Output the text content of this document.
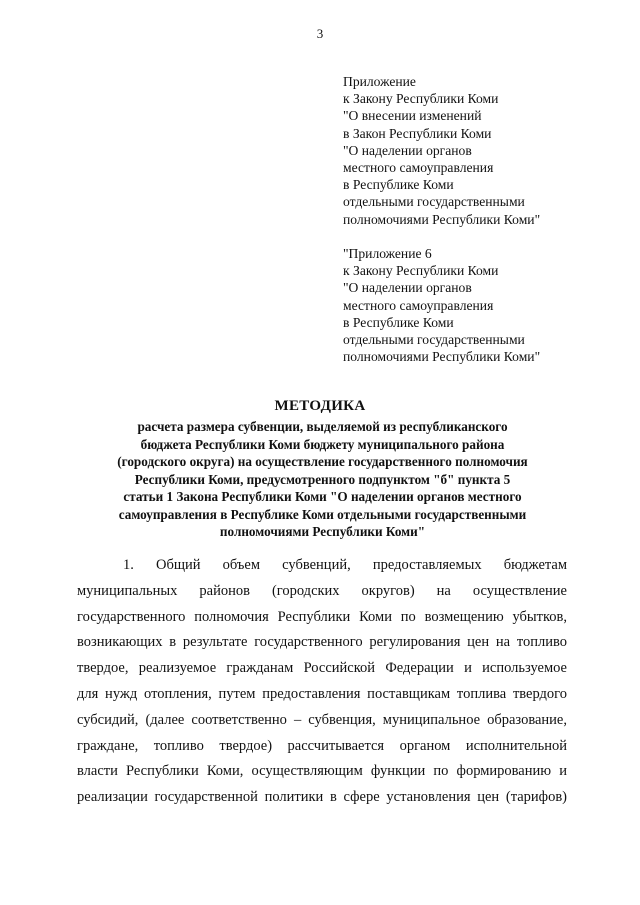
3
Приложение
к Закону Республики Коми
"О внесении изменений
в Закон Республики Коми
"О наделении органов
местного самоуправления
в Республике Коми
отдельными государственными
полномочиями Республики Коми"
"Приложение 6
к Закону Республики Коми
"О наделении органов
местного самоуправления
в Республике Коми
отдельными государственными
полномочиями Республики Коми"
МЕТОДИКА
расчета размера субвенции, выделяемой из республиканского
бюджета Республики Коми бюджету муниципального района
(городского округа) на осуществление государственного полномочия
Республики Коми, предусмотренного подпунктом "б" пункта 5
статьи 1 Закона Республики Коми "О наделении органов местного
самоуправления в Республике Коми отдельными государственными
полномочиями Республики Коми"
1. Общий объем субвенций, предоставляемых бюджетам
муниципальных районов (городских округов) на осуществление
государственного полномочия Республики Коми по возмещению убытков,
возникающих в результате государственного регулирования цен на топливо
твердое, реализуемое гражданам Российской Федерации и используемое
для нужд отопления, путем предоставления поставщикам топлива твердого
субсидий, (далее соответственно – субвенция, муниципальное образование,
граждане, топливо твердое) рассчитывается органом исполнительной
власти Республики Коми, осуществляющим функции по формированию и
реализации государственной политики в сфере установления цен (тарифов)
